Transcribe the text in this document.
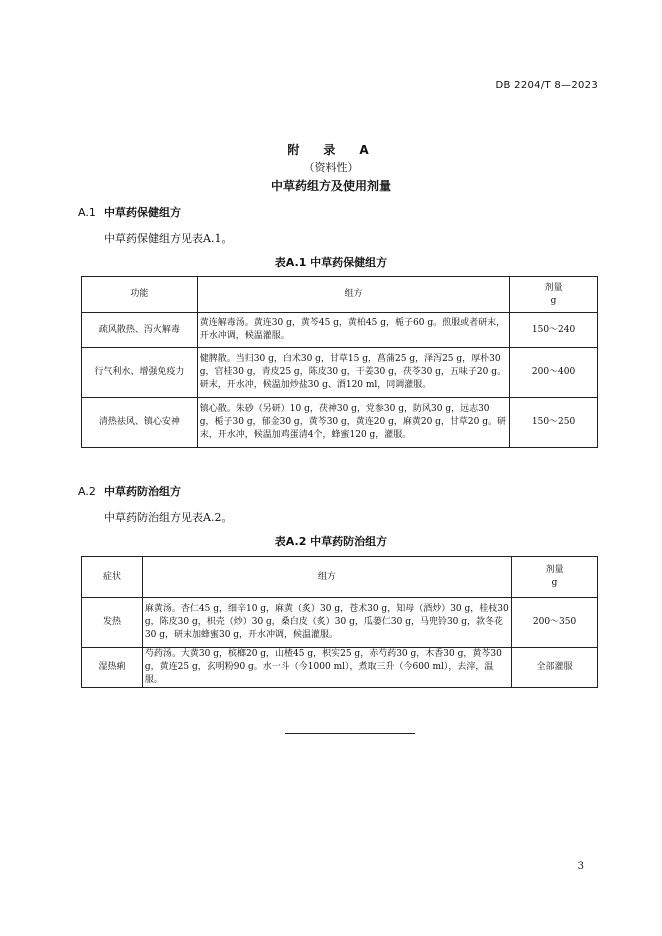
DB 2204/T 8—2023
附　录　A
（资料性）
中草药组方及使用剂量
A.1 中草药保健组方
中草药保健组方见表A.1。
表A.1 中草药保健组方
功能	组方	剂量
g

疏风散热、泻火解毒	黄连解毒汤。黄连30 g，黄芩45 g，黄柏45 g，栀子60 g。煎服或者研末，开水冲调，候温灌服。	150～240
行气利水、增强免疫力	健脾散。当归30 g，白术30 g，甘草15 g，菖蒲25 g，泽泻25 g，厚朴30 g，官桂30 g，青皮25 g，陈皮30 g，干姜30 g，茯苓30 g，五味子20 g。研末，开水冲，候温加炒盐30 g、酒120 ml，同调灌服。	200～400
清热祛风、镇心安神	镇心散。朱砂（另研）10 g，茯神30 g，党参30 g，防风30 g，远志30 g，栀子30 g，郁金30 g，黄芩30 g，黄连20 g，麻黄20 g，甘草20 g。研末，开水冲，候温加鸡蛋清4个，蜂蜜120 g，灌服。	150～250
A.2 中草药防治组方
中草药防治组方见表A.2。
表A.2 中草药防治组方
症状	组方	剂量
g

发热	麻黄汤。杏仁45 g，细辛10 g，麻黄（炙）30 g，苍术30 g，知母（酒炒）30 g，桂枝30 g，陈皮30 g，枳壳（炒）30 g，桑白皮（炙）30 g，瓜蒌仁30 g，马兜铃30 g，款冬花30 g，研末加蜂蜜30 g，开水冲调，候温灌服。	200～350
湿热痢	芍药汤。大黄30 g，槟榔20 g，山楂45 g，枳实25 g，赤芍药30 g，木香30 g，黄芩30 g，黄连25 g，玄明粉90 g。水一斗（今1000 ml），煮取三升（今600 ml），去滓，温服。	全部灌服
3
